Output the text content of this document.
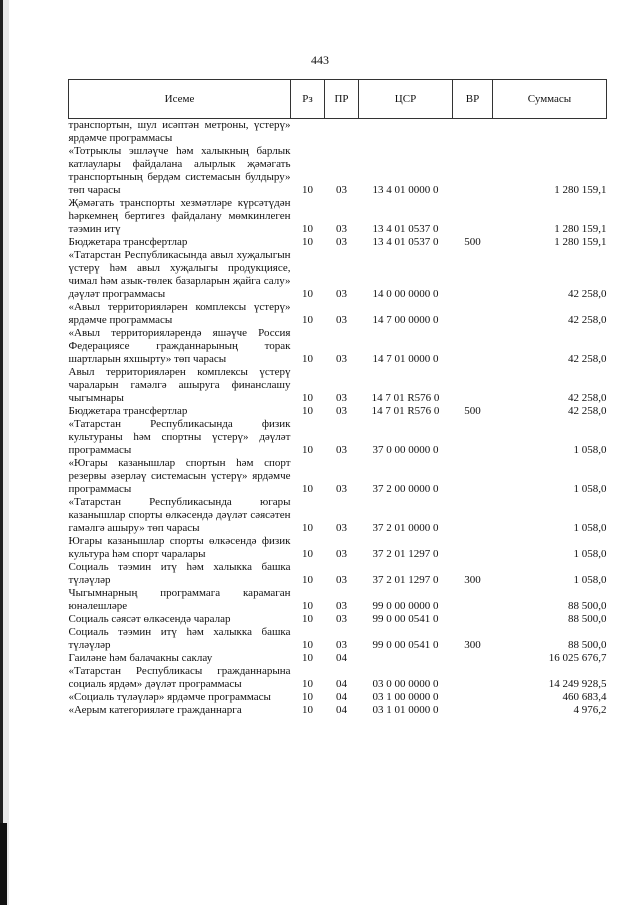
443
Исеме	Рз	ПР	ЦСР	ВР	Суммасы
транспортын, шул исәптән метроны, үстерү» ярдәмче программасы					
«Тотрыклы эшләүче һәм халыкның барлык катлаулары файдалана алырлык җәмәгать транспортының бердәм системасын булдыру» төп чарасы	10	03	13 4 01 0000 0		1 280 159,1
Җәмәгать транспорты хезмәтләре күрсәтүдән һәркемнең бертигез файдалану мөмкинлеген тәэмин итү	10	03	13 4 01 0537 0		1 280 159,1
Бюджетара трансфертлар	10	03	13 4 01 0537 0	500	1 280 159,1
«Татарстан Республикасында авыл хуҗалыгын үстерү һәм авыл хуҗалыгы продукциясе, чимал һәм азык-төлек базарларын җайга салу» дәүләт программасы	10	03	14 0 00 0000 0		42 258,0
«Авыл территорияләрен комплексы үстерү» ярдәмче программасы	10	03	14 7 00 0000 0		42 258,0
«Авыл территорияләрендә яшәүче Россия Федерациясе гражданнарының торак шартларын яхшырту» төп чарасы	10	03	14 7 01 0000 0		42 258,0
Авыл территорияләрен комплексы үстерү чараларын гамәлгә ашыруга финанслашу чыгымнары	10	03	14 7 01 R576 0		42 258,0
Бюджетара трансфертлар	10	03	14 7 01 R576 0	500	42 258,0
«Татарстан Республикасында физик культураны һәм спортны үстерү» дәүләт программасы	10	03	37 0 00 0000 0		1 058,0
«Югары казанышлар спортын һәм спорт резервы әзерләү системасын үстерү» ярдәмче программасы	10	03	37 2 00 0000 0		1 058,0
«Татарстан Республикасында югары казанышлар спорты өлкәсендә дәүләт сәясәтен гамәлгә ашыру» төп чарасы	10	03	37 2 01 0000 0		1 058,0
Югары казанышлар спорты өлкәсендә физик культура һәм спорт чаралары	10	03	37 2 01 1297 0		1 058,0
Социаль тәэмин итү һәм халыкка башка түләүләр	10	03	37 2 01 1297 0	300	1 058,0
Чыгымнарның программага карамаган юнәлешләре	10	03	99 0 00 0000 0		88 500,0
Социаль сәясәт өлкәсендә чаралар	10	03	99 0 00 0541 0		88 500,0
Социаль тәэмин итү һәм халыкка башка түләүләр	10	03	99 0 00 0541 0	300	88 500,0
Гаиләне һәм балачакны саклау	10	04			16 025 676,7
«Татарстан Республикасы гражданнарына социаль ярдәм» дәүләт программасы	10	04	03 0 00 0000 0		14 249 928,5
«Социаль түләүләр» ярдәмче программасы	10	04	03 1 00 0000 0		460 683,4
«Аерым категорияләге гражданнарга	10	04	03 1 01 0000 0		4 976,2
